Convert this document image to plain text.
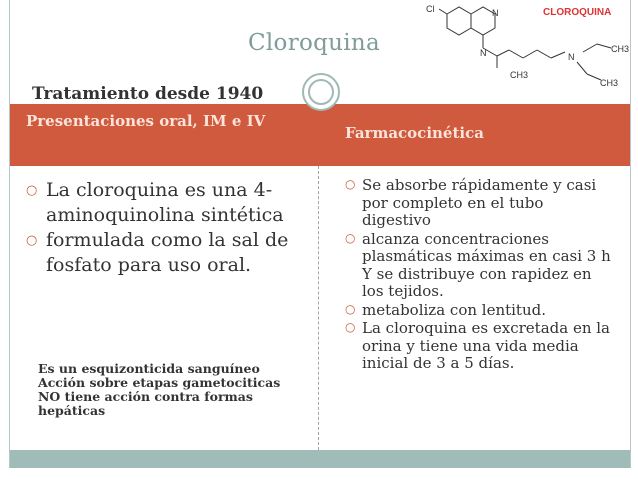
Cloroquina
Cl	N
N	N
CH3
CH3
CH3
CLOROQUINA
Tratamiento desde 1940
Presentaciones oral, IM e IV
Farmacocinética
○ La cloroquina es una 4-aminoquinolina sintética
○ formulada como la sal de fosfato para uso oral.
Es un esquizonticida sanguíneo
Acción sobre etapas gametociticas
NO tiene acción contra formas hepáticas
○ Se absorbe rápidamente y casi por completo en el tubo digestivo
○ alcanza concentraciones plasmáticas máximas en casi 3 h Y se distribuye con rapidez en los tejidos.
○ metaboliza con lentitud.
○ La cloroquina es excretada en la orina y tiene una vida media inicial de 3 a 5 días.
